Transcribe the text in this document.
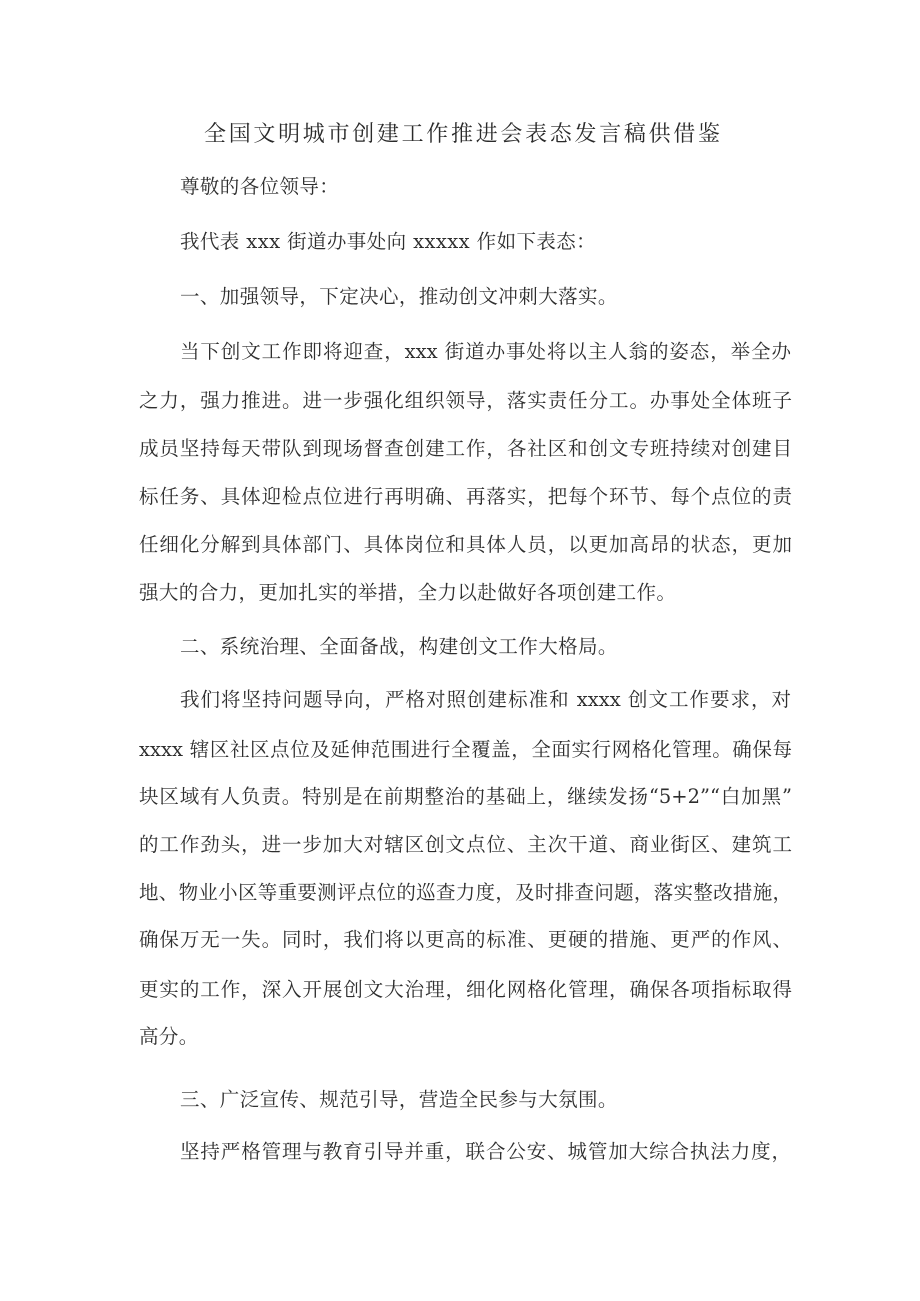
全国文明城市创建工作推进会表态发言稿供借鉴
尊敬的各位领导：
我代表 xxx 街道办事处向 xxxxx 作如下表态：
一、加强领导，下定决心，推动创文冲刺大落实。
当下创文工作即将迎查，xxx 街道办事处将以主人翁的姿态，举全办
之力，强力推进。进一步强化组织领导，落实责任分工。办事处全体班子
成员坚持每天带队到现场督查创建工作，各社区和创文专班持续对创建目
标任务、具体迎检点位进行再明确、再落实，把每个环节、每个点位的责
任细化分解到具体部门、具体岗位和具体人员，以更加高昂的状态，更加
强大的合力，更加扎实的举措，全力以赴做好各项创建工作。
二、系统治理、全面备战，构建创文工作大格局。
我们将坚持问题导向，严格对照创建标准和 xxxx 创文工作要求，对
xxxx 辖区社区点位及延伸范围进行全覆盖，全面实行网格化管理。确保每
块区域有人负责。特别是在前期整治的基础上，继续发扬“5+2”“白加黑”
的工作劲头，进一步加大对辖区创文点位、主次干道、商业街区、建筑工
地、物业小区等重要测评点位的巡查力度，及时排查问题，落实整改措施，
确保万无一失。同时，我们将以更高的标准、更硬的措施、更严的作风、
更实的工作，深入开展创文大治理，细化网格化管理，确保各项指标取得
高分。
三、广泛宣传、规范引导，营造全民参与大氛围。
坚持严格管理与教育引导并重，联合公安、城管加大综合执法力度，
